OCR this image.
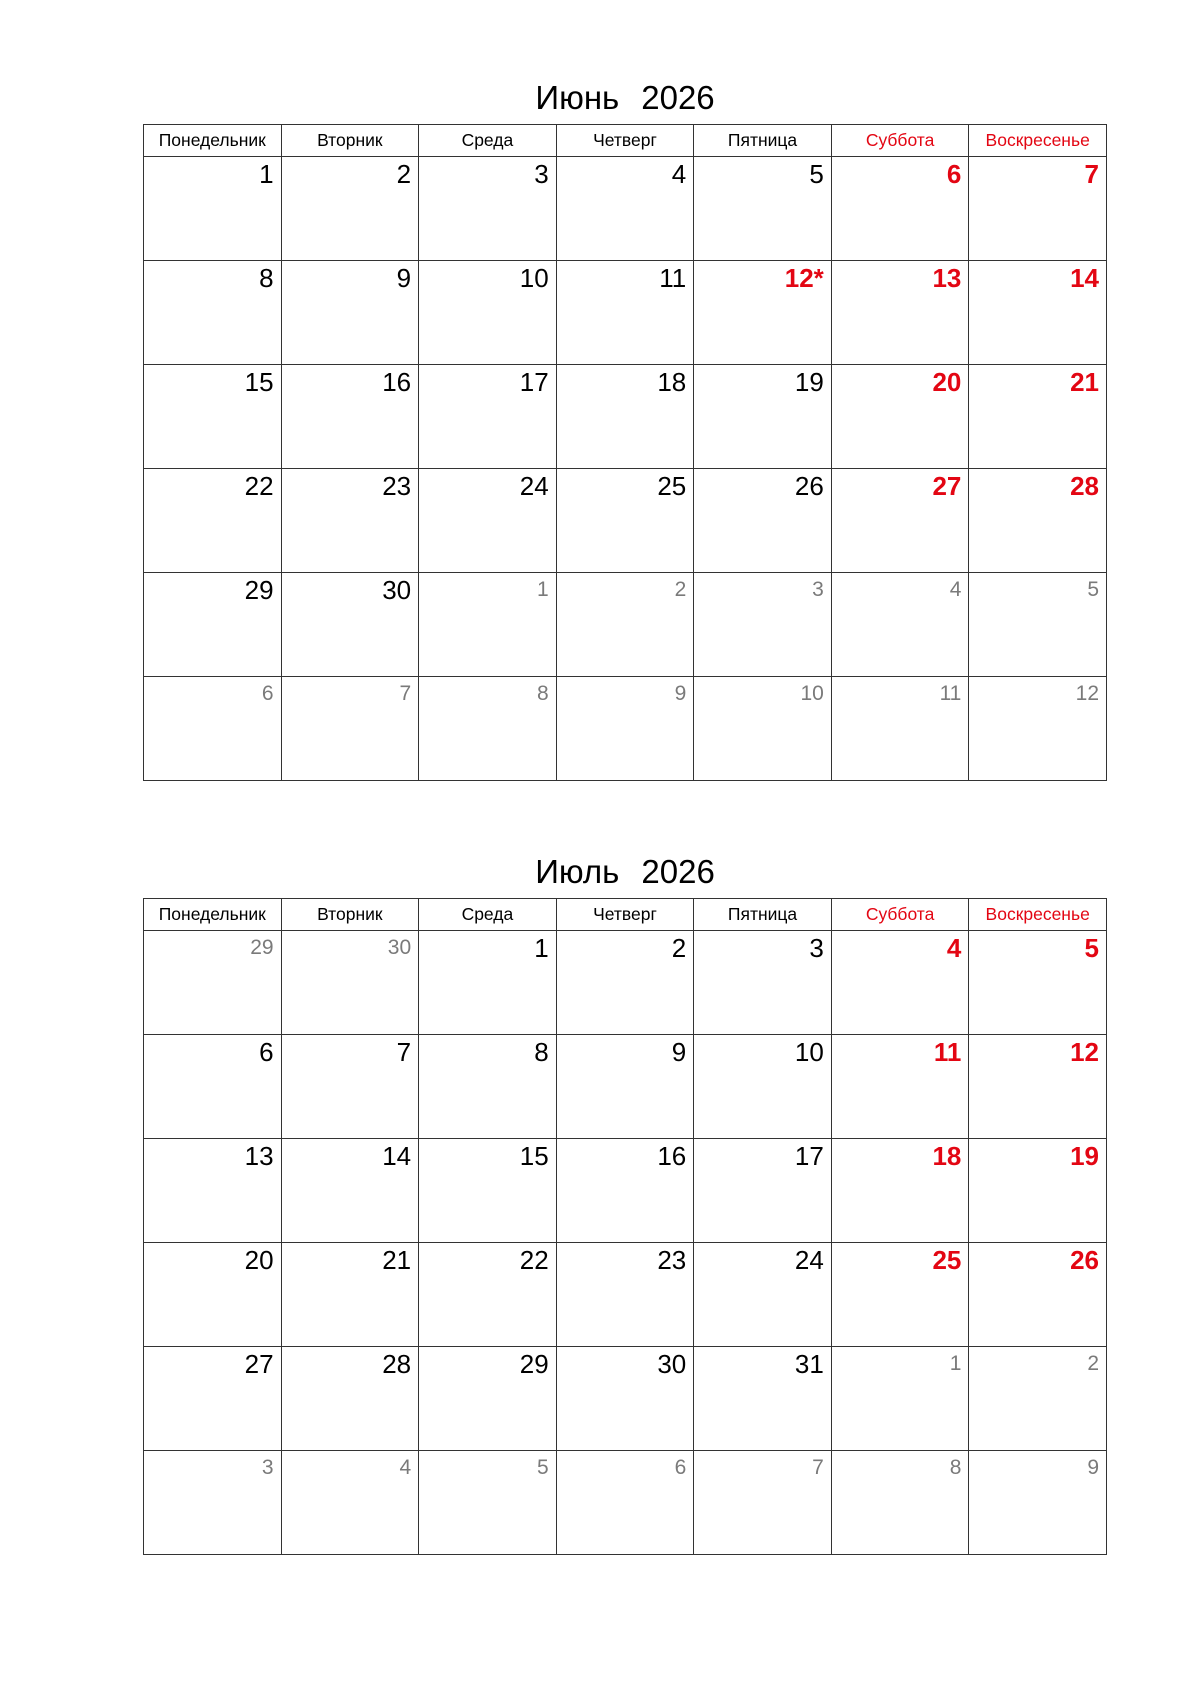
Июнь 2026
Понедельник	Вторник	Среда	Четверг	Пятница	Суббота	Воскресенье

1	2	3	4	5	6	7

8	9	10	11	12*	13	14

15	16	17	18	19	20	21

22	23	24	25	26	27	28

29	30	1	2	3	4	5

6	7	8	9	10	11	12
Июль 2026
Понедельник	Вторник	Среда	Четверг	Пятница	Суббота	Воскресенье

29	30	1	2	3	4	5

6	7	8	9	10	11	12

13	14	15	16	17	18	19

20	21	22	23	24	25	26

27	28	29	30	31	1	2

3	4	5	6	7	8	9
